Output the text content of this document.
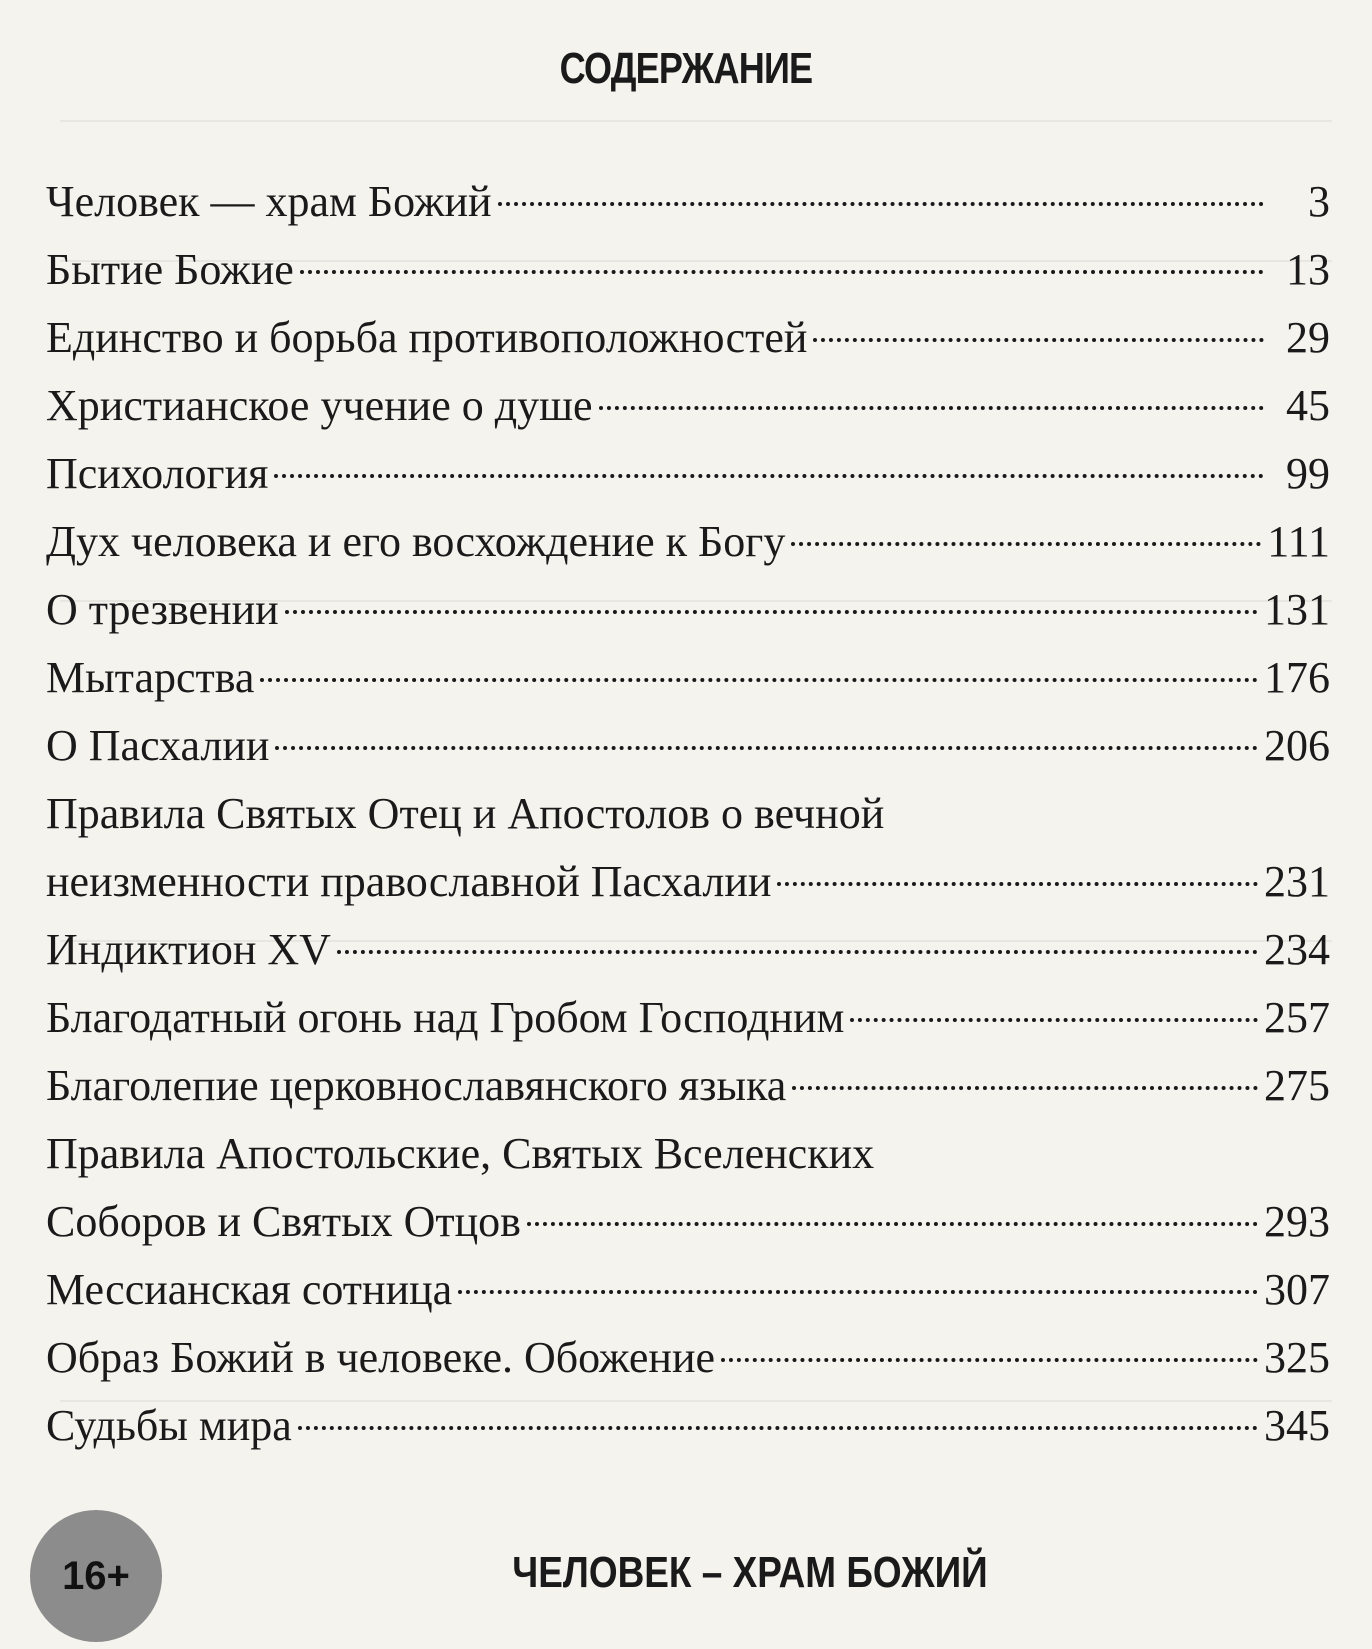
СОДЕРЖАНИЕ
Человек — храм Божий	3
Бытие Божие	13
Единство и борьба противоположностей	29
Христианское учение о душе	45
Психология	99
Дух человека и его восхождение к Богу	111
О трезвении	131
Мытарства	176
О Пасхалии	206
Правила Святых Отец и Апостолов о вечной
неизменности православной Пасхалии	231
Индиктион XV	234
Благодатный огонь над Гробом Господним	257
Благолепие церковнославянского языка	275
Правила Апостольские, Святых Вселенских
Соборов и Святых Отцов	293
Мессианская сотница	307
Образ Божий в человеке. Обожение	325
Судьбы мира	345
16+	ЧЕЛОВЕК – ХРАМ БОЖИЙ
